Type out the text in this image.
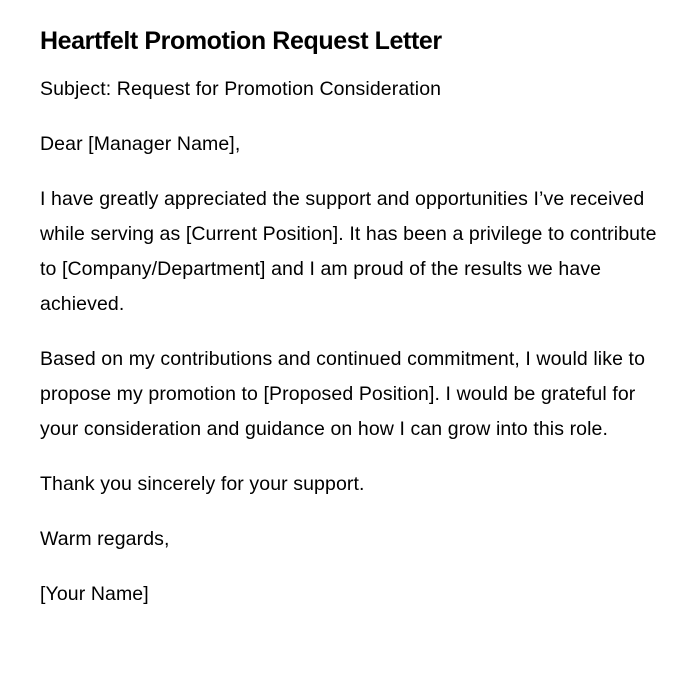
Heartfelt Promotion Request Letter

Subject: Request for Promotion Consideration

Dear [Manager Name],

I have greatly appreciated the support and opportunities I’ve received while serving as [Current Position]. It has been a privilege to contribute to [Company/Department] and I am proud of the results we have achieved.

Based on my contributions and continued commitment, I would like to propose my promotion to [Proposed Position]. I would be grateful for your consideration and guidance on how I can grow into this role.

Thank you sincerely for your support.

Warm regards,

[Your Name]
